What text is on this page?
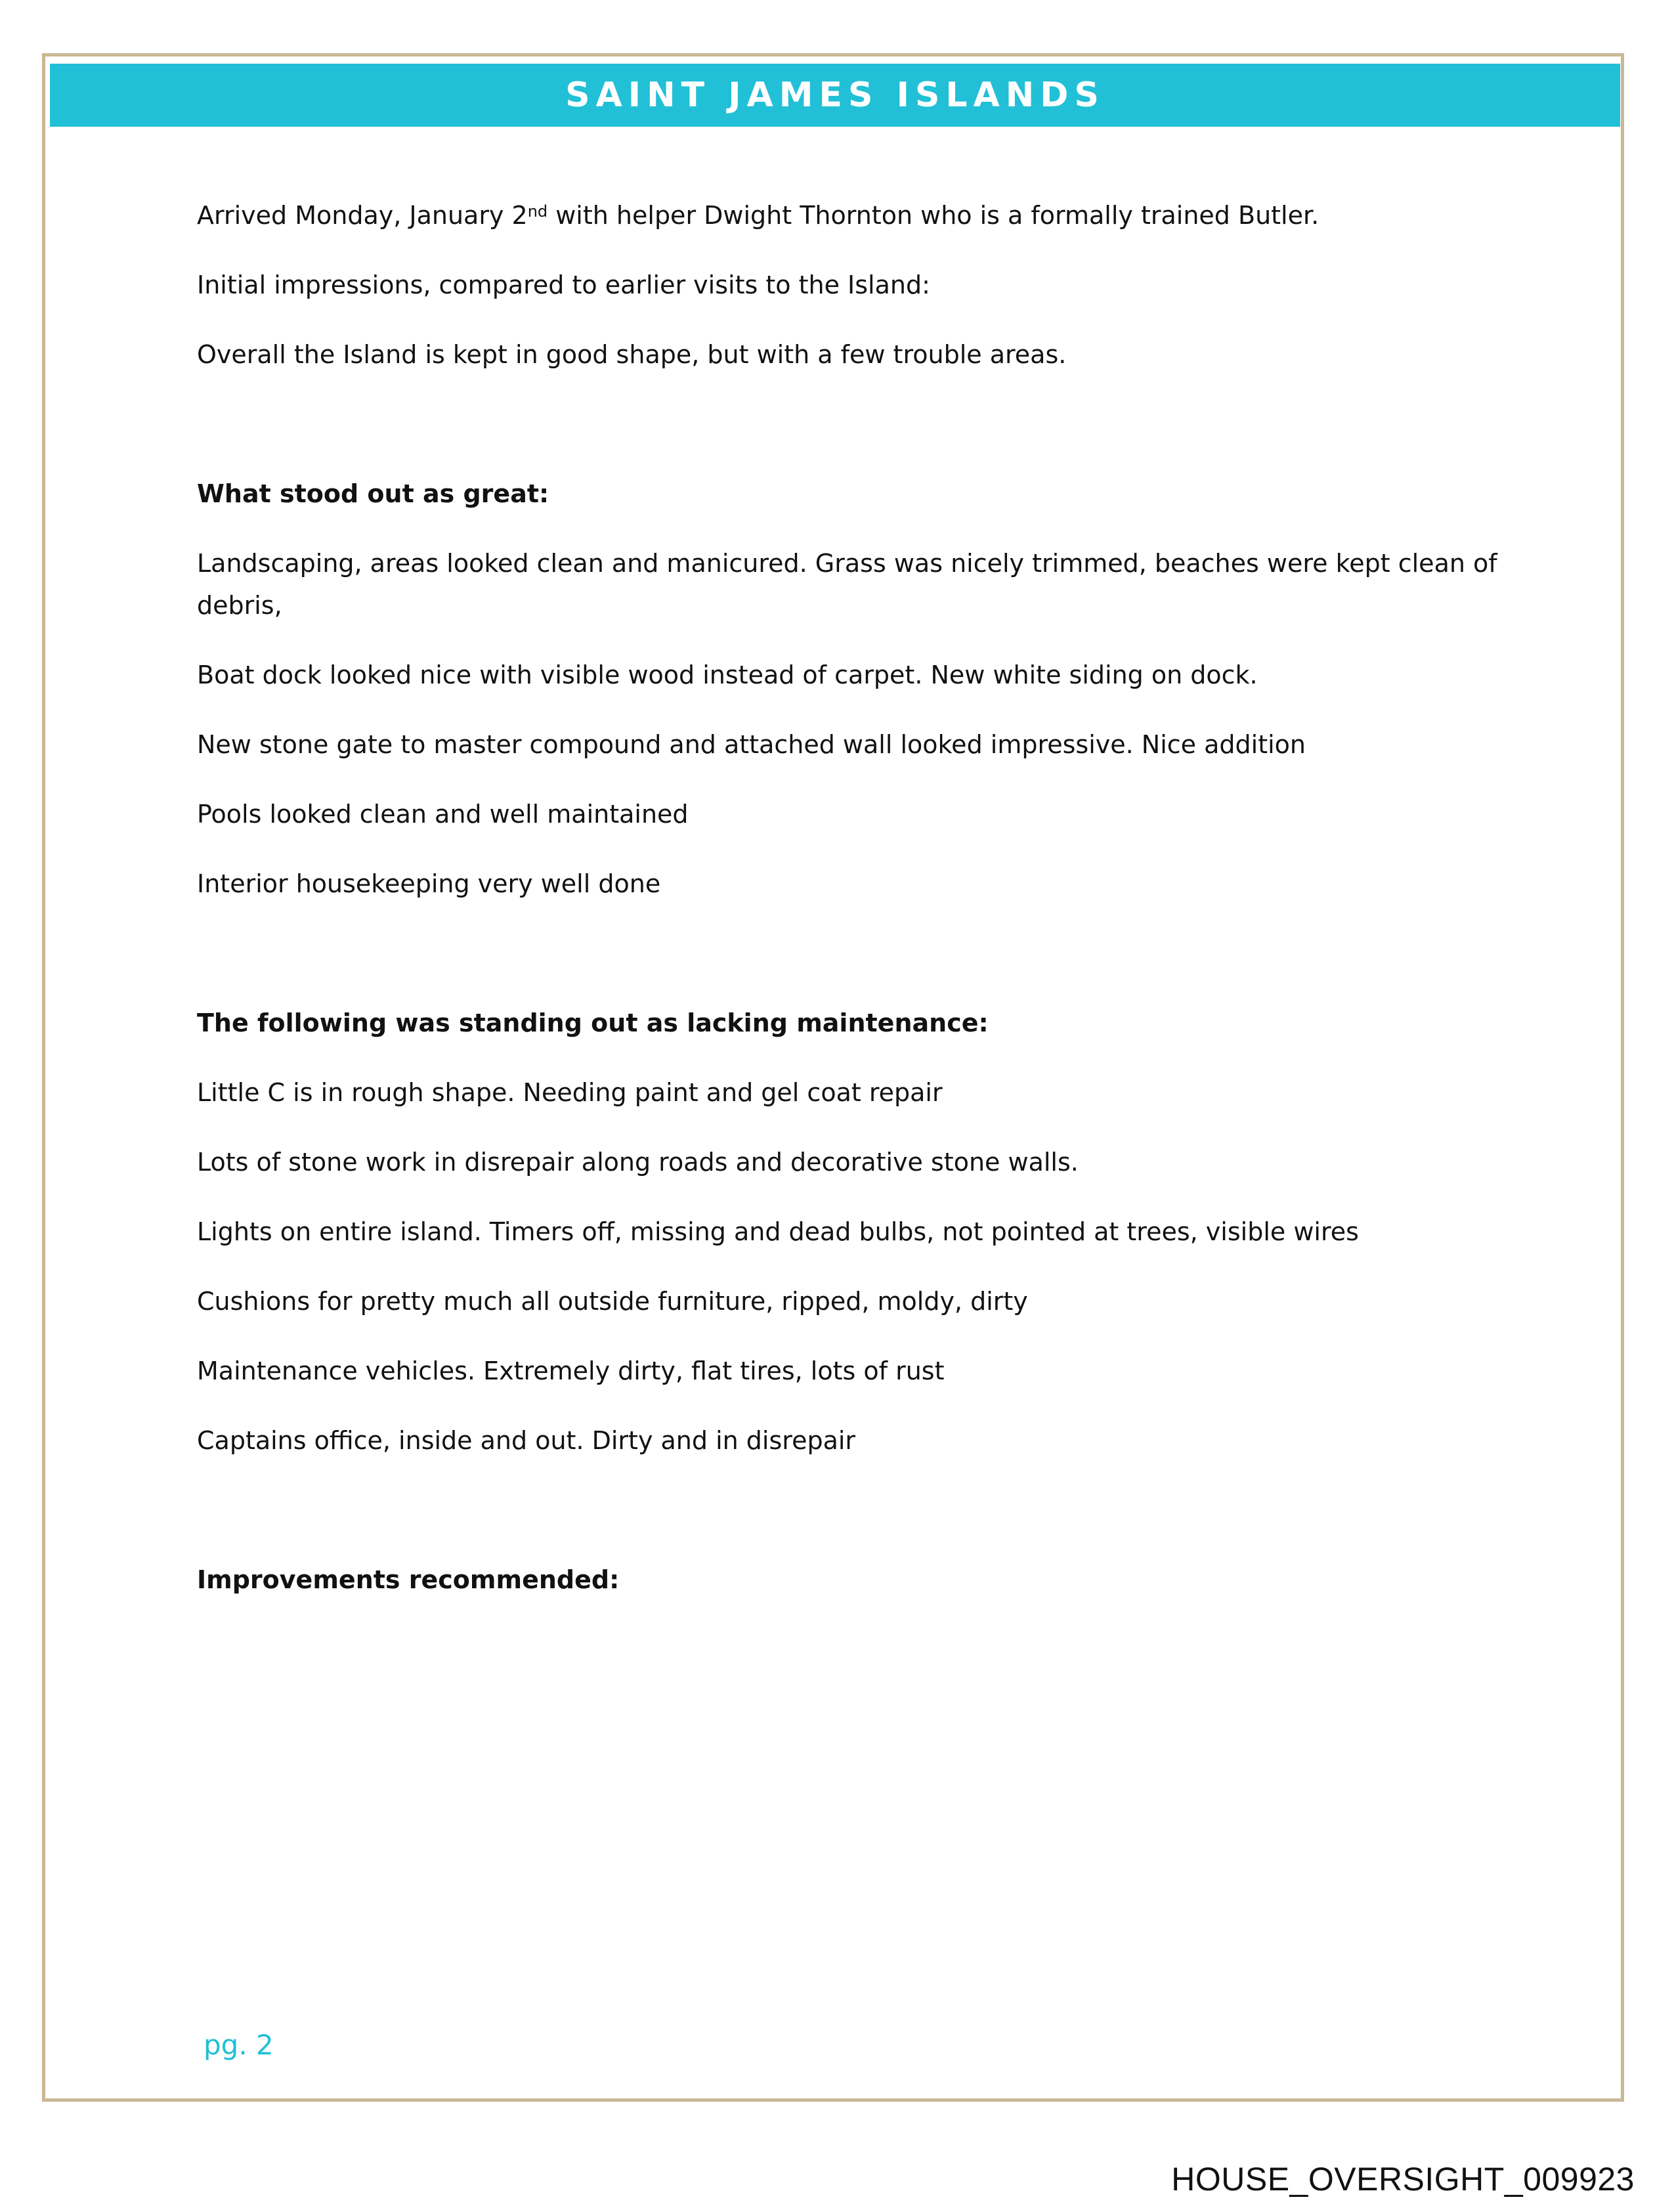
SAINT JAMES ISLANDS
Arrived Monday, January 2nd with helper Dwight Thornton who is a formally trained Butler.
Initial impressions, compared to earlier visits to the Island:
Overall the Island is kept in good shape, but with a few trouble areas.
What stood out as great:
Landscaping, areas looked clean and manicured. Grass was nicely trimmed, beaches were kept clean of debris,
Boat dock looked nice with visible wood instead of carpet. New white siding on dock.
New stone gate to master compound and attached wall looked impressive. Nice addition
Pools looked clean and well maintained
Interior housekeeping very well done
The following was standing out as lacking maintenance:
Little C is in rough shape. Needing paint and gel coat repair
Lots of stone work in disrepair along roads and decorative stone walls.
Lights on entire island. Timers off, missing and dead bulbs, not pointed at trees, visible wires
Cushions for pretty much all outside furniture, ripped, moldy, dirty
Maintenance vehicles. Extremely dirty, flat tires, lots of rust
Captains office, inside and out. Dirty and in disrepair
Improvements recommended:
pg. 2
HOUSE_OVERSIGHT_009923
